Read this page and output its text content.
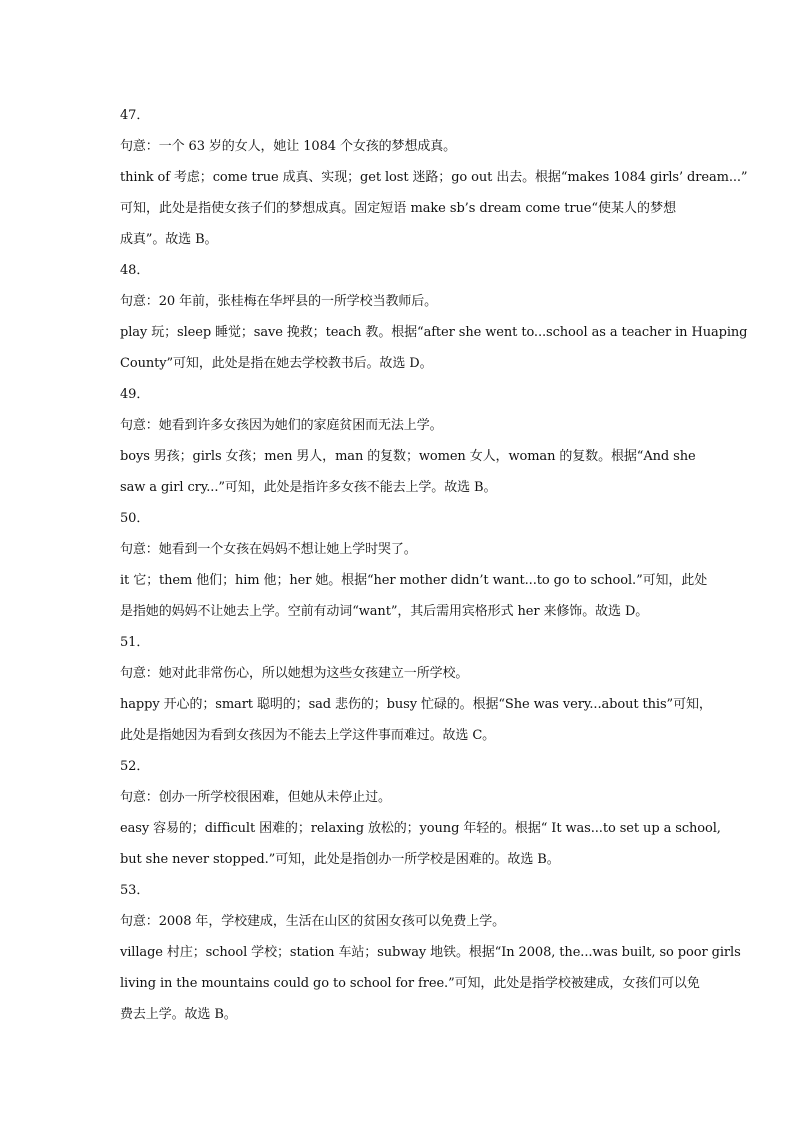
47．
句意：一个 63 岁的女人，她让 1084 个女孩的梦想成真。
think of 考虑；come true 成真、实现；get lost 迷路；go out 出去。根据“makes 1084 girls’ dream...”
可知，此处是指使女孩子们的梦想成真。固定短语 make sb’s dream come true“使某人的梦想
成真”。故选 B。
48．
句意：20 年前，张桂梅在华坪县的一所学校当教师后。
play 玩；sleep 睡觉；save 挽救；teach 教。根据“after she went to...school as a teacher in Huaping
County”可知，此处是指在她去学校教书后。故选 D。
49．
句意：她看到许多女孩因为她们的家庭贫困而无法上学。
boys 男孩；girls 女孩；men 男人，man 的复数；women 女人，woman 的复数。根据“And she
saw a girl cry...”可知，此处是指许多女孩不能去上学。故选 B。
50．
句意：她看到一个女孩在妈妈不想让她上学时哭了。
it 它；them 他们；him 他；her 她。根据“her mother didn’t want...to go to school.”可知，此处
是指她的妈妈不让她去上学。空前有动词“want”，其后需用宾格形式 her 来修饰。故选 D。
51．
句意：她对此非常伤心，所以她想为这些女孩建立一所学校。
happy 开心的；smart 聪明的；sad 悲伤的；busy 忙碌的。根据“She was very...about this”可知，
此处是指她因为看到女孩因为不能去上学这件事而难过。故选 C。
52．
句意：创办一所学校很困难，但她从未停止过。
easy 容易的；difficult 困难的；relaxing 放松的；young 年轻的。根据“ It was...to set up a school,
but she never stopped.”可知，此处是指创办一所学校是困难的。故选 B。
53．
句意：2008 年，学校建成，生活在山区的贫困女孩可以免费上学。
village 村庄；school 学校；station 车站；subway 地铁。根据“In 2008, the...was built, so poor girls
living in the mountains could go to school for free.”可知，此处是指学校被建成，女孩们可以免
费去上学。故选 B。
